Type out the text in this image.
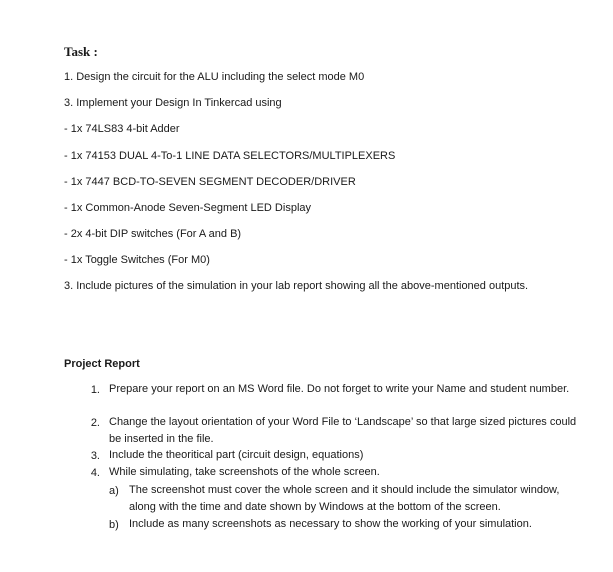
Task :
1. Design the circuit for the ALU including the select mode M0
3. Implement your Design In Tinkercad using
- 1x 74LS83 4-bit Adder
- 1x 74153 DUAL 4-To-1 LINE DATA SELECTORS/MULTIPLEXERS
- 1x 7447 BCD-TO-SEVEN SEGMENT DECODER/DRIVER
- 1x Common-Anode Seven-Segment LED Display
- 2x 4-bit DIP switches (For A and B)
- 1x Toggle Switches (For M0)
3. Include pictures of the simulation in your lab report showing all the above-mentioned outputs.
Project Report
1. Prepare your report on an MS Word file. Do not forget to write your Name and student number.
2. Change the layout orientation of your Word File to ‘Landscape’ so that large sized pictures could be inserted in the file.
3. Include the theoritical part (circuit design, equations)
4. While simulating, take screenshots of the whole screen.
a) The screenshot must cover the whole screen and it should include the simulator window, along with the time and date shown by Windows at the bottom of the screen.
b) Include as many screenshots as necessary to show the working of your simulation.
